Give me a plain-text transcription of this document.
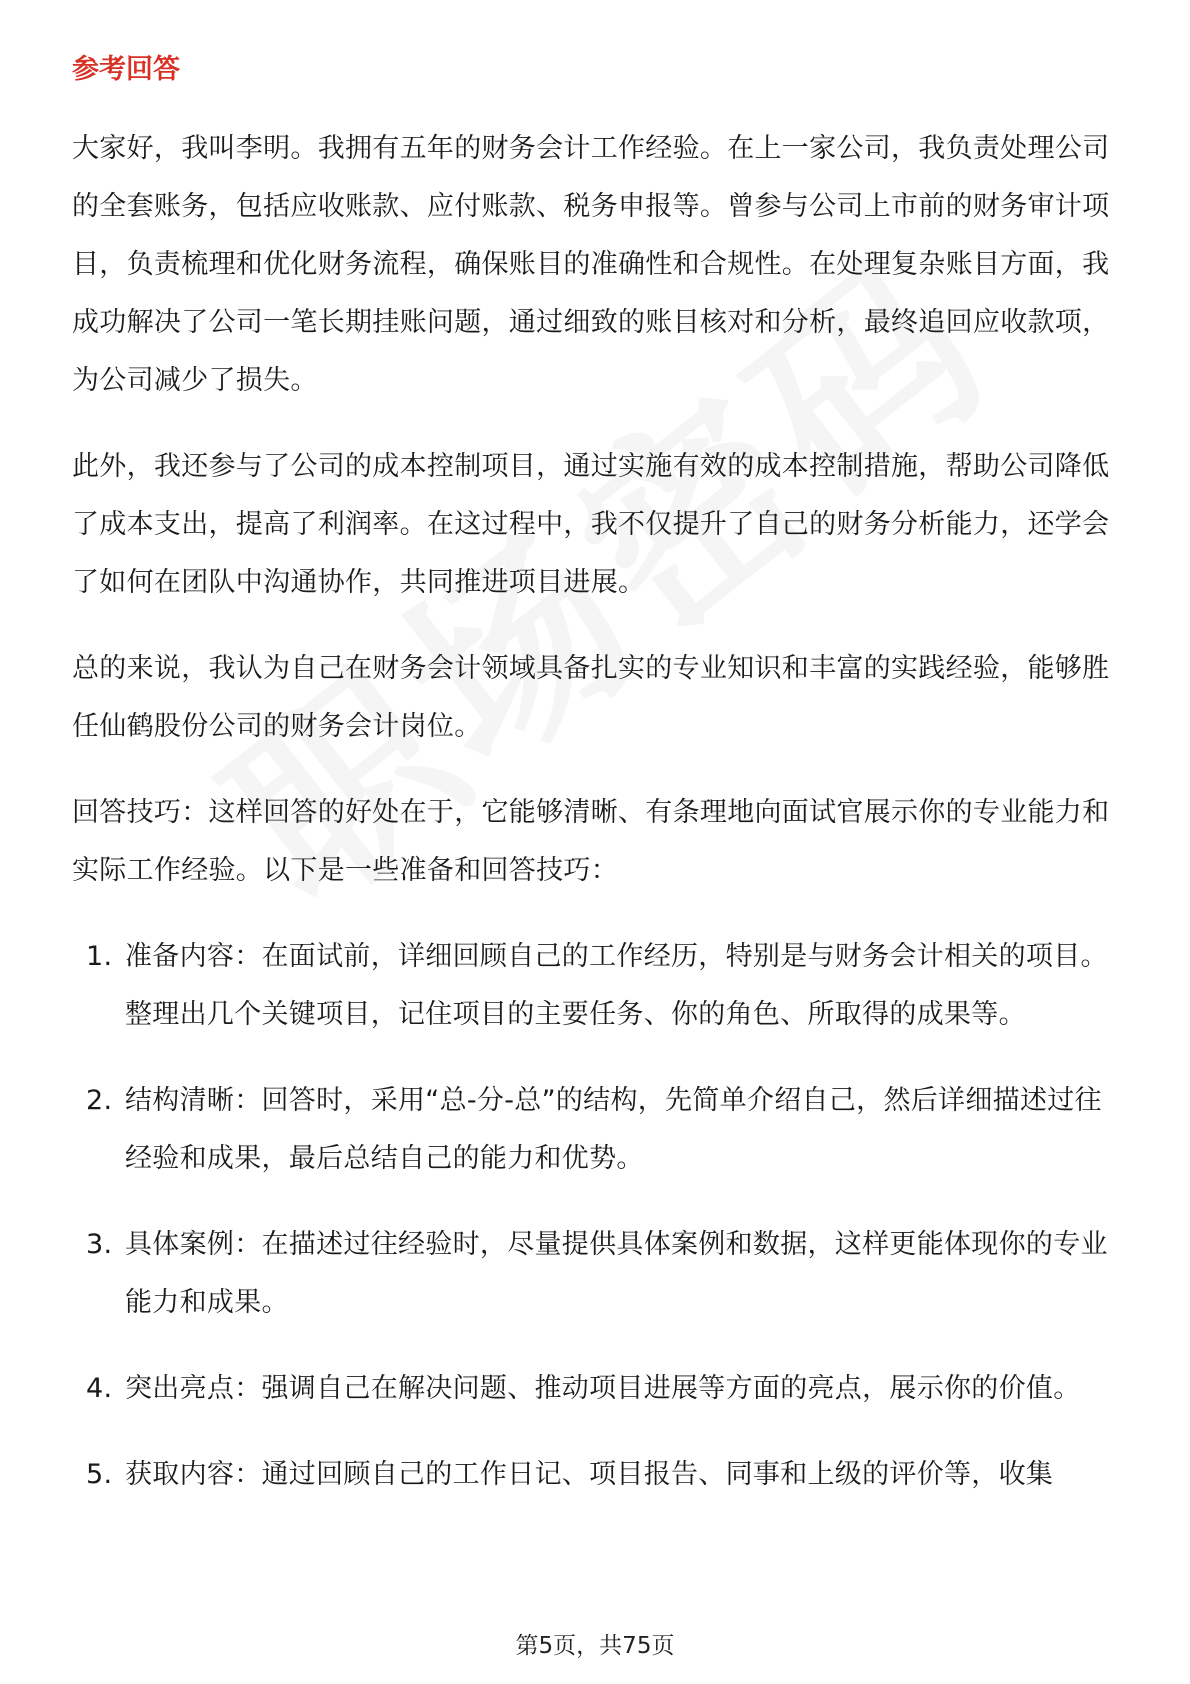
参考回答

大家好，我叫李明。我拥有五年的财务会计工作经验。在上一家公司，我负责处理公司的全套账务，包括应收账款、应付账款、税务申报等。曾参与公司上市前的财务审计项目，负责梳理和优化财务流程，确保账目的准确性和合规性。在处理复杂账目方面，我成功解决了公司一笔长期挂账问题，通过细致的账目核对和分析，最终追回应收款项，为公司减少了损失。

此外，我还参与了公司的成本控制项目，通过实施有效的成本控制措施，帮助公司降低了成本支出，提高了利润率。在这过程中，我不仅提升了自己的财务分析能力，还学会了如何在团队中沟通协作，共同推进项目进展。

总的来说，我认为自己在财务会计领域具备扎实的专业知识和丰富的实践经验，能够胜任仙鹤股份公司的财务会计岗位。

回答技巧：这样回答的好处在于，它能够清晰、有条理地向面试官展示你的专业能力和实际工作经验。以下是一些准备和回答技巧：

1. 准备内容：在面试前，详细回顾自己的工作经历，特别是与财务会计相关的项目。整理出几个关键项目，记住项目的主要任务、你的角色、所取得的成果等。
2. 结构清晰：回答时，采用“总-分-总”的结构，先简单介绍自己，然后详细描述过往经验和成果，最后总结自己的能力和优势。
3. 具体案例：在描述过往经验时，尽量提供具体案例和数据，这样更能体现你的专业能力和成果。
4. 突出亮点：强调自己在解决问题、推动项目进展等方面的亮点，展示你的价值。
5. 获取内容：通过回顾自己的工作日记、项目报告、同事和上级的评价等，收集
第5页，共75页
